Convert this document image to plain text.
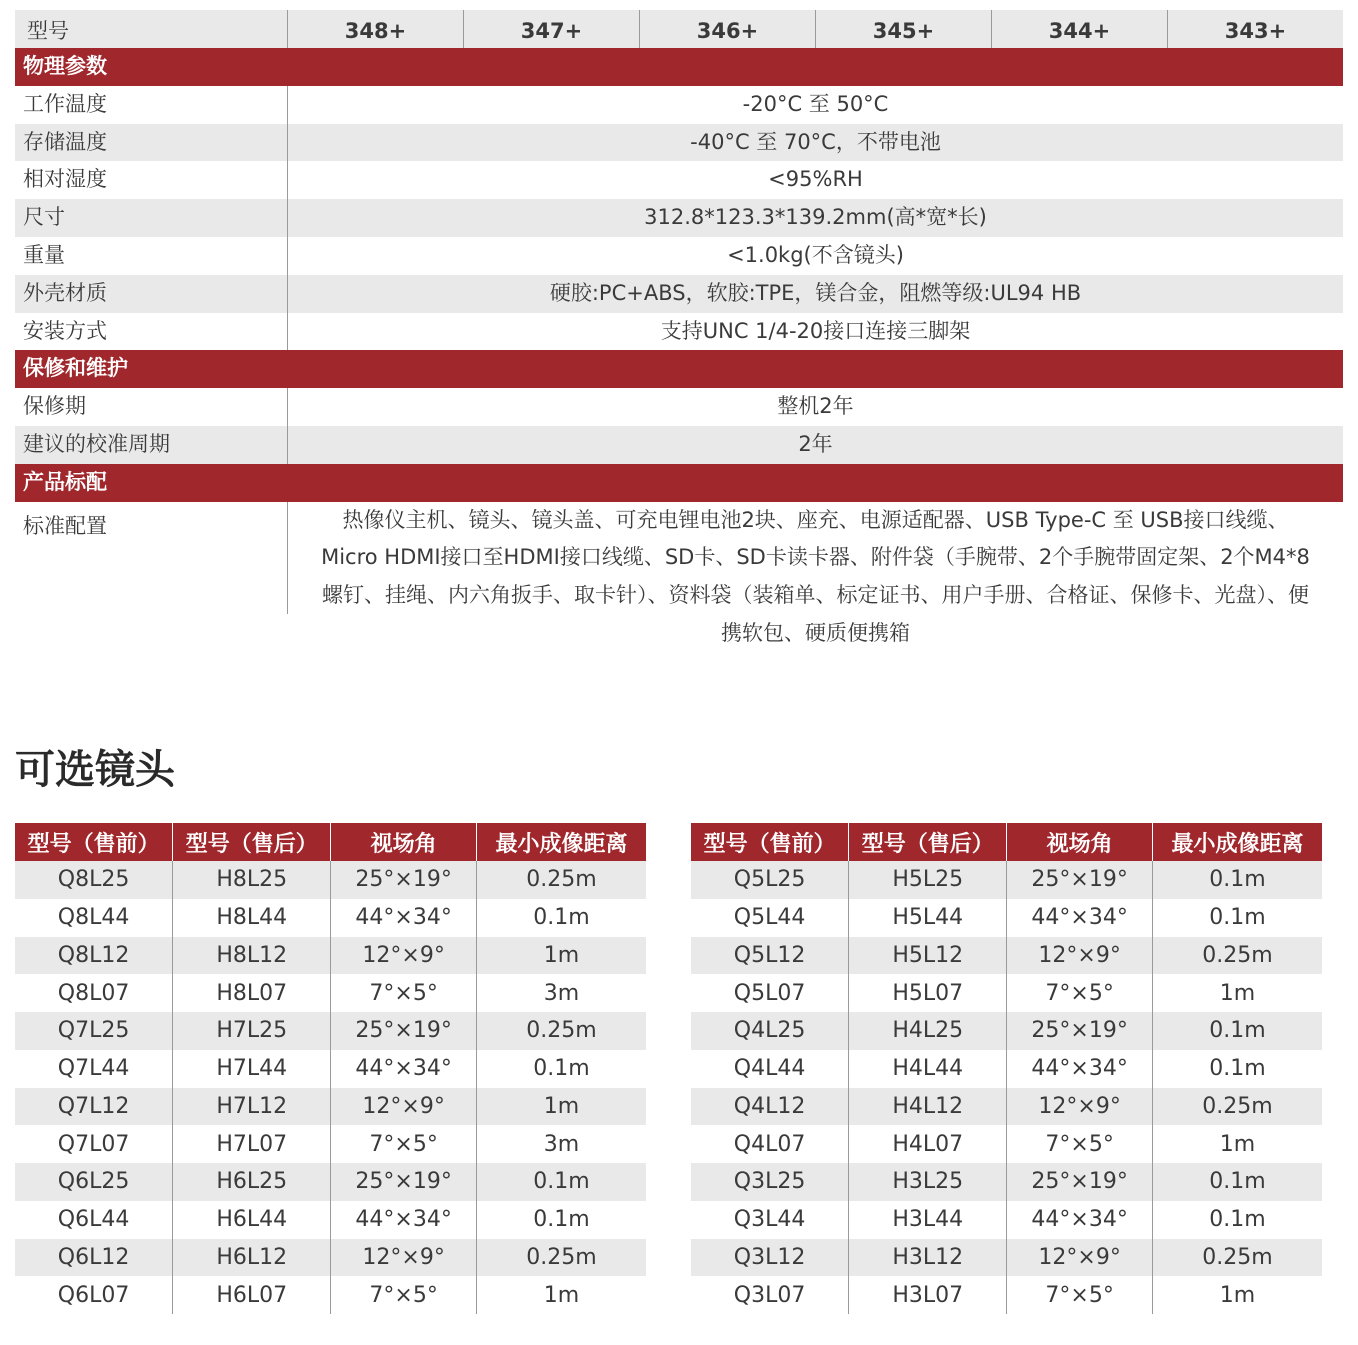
型号	348+	347+	346+	345+	344+	343+
物理参数
工作温度	-20°C 至 50°C
存储温度	-40°C 至 70°C，不带电池
相对湿度	<95%RH
尺寸	312.8*123.3*139.2mm(高*宽*长)
重量	<1.0kg(不含镜头)
外壳材质	硬胶:PC+ABS，软胶:TPE，镁合金，阻燃等级:UL94 HB
安装方式	支持UNC 1/4-20接口连接三脚架
保修和维护
保修期	整机2年
建议的校准周期	2年
产品标配
标准配置	热像仪主机、镜头、镜头盖、可充电锂电池2块、座充、电源适配器、USB Type-C 至 USB接口线缆、Micro HDMI接口至HDMI接口线缆、SD卡、SD卡读卡器、附件袋（手腕带、2个手腕带固定架、2个M4*8螺钉、挂绳、内六角扳手、取卡针）、资料袋（装箱单、标定证书、用户手册、合格证、保修卡、光盘）、便携软包、硬质便携箱
可选镜头
型号（售前）	型号（售后）	视场角	最小成像距离
Q8L25	H8L25	25°×19°	0.25m
Q8L44	H8L44	44°×34°	0.1m
Q8L12	H8L12	12°×9°	1m
Q8L07	H8L07	7°×5°	3m
Q7L25	H7L25	25°×19°	0.25m
Q7L44	H7L44	44°×34°	0.1m
Q7L12	H7L12	12°×9°	1m
Q7L07	H7L07	7°×5°	3m
Q6L25	H6L25	25°×19°	0.1m
Q6L44	H6L44	44°×34°	0.1m
Q6L12	H6L12	12°×9°	0.25m
Q6L07	H6L07	7°×5°	1m
型号（售前）	型号（售后）	视场角	最小成像距离
Q5L25	H5L25	25°×19°	0.1m
Q5L44	H5L44	44°×34°	0.1m
Q5L12	H5L12	12°×9°	0.25m
Q5L07	H5L07	7°×5°	1m
Q4L25	H4L25	25°×19°	0.1m
Q4L44	H4L44	44°×34°	0.1m
Q4L12	H4L12	12°×9°	0.25m
Q4L07	H4L07	7°×5°	1m
Q3L25	H3L25	25°×19°	0.1m
Q3L44	H3L44	44°×34°	0.1m
Q3L12	H3L12	12°×9°	0.25m
Q3L07	H3L07	7°×5°	1m
